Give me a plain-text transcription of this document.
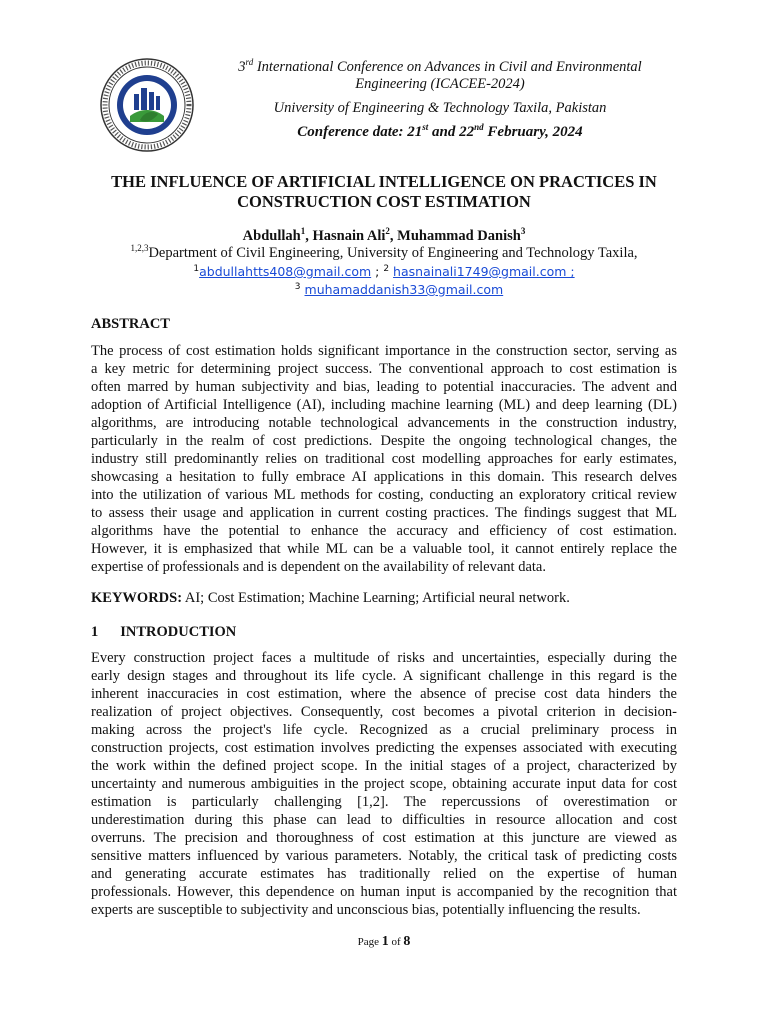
3rd International Conference on Advances in Civil and Environmental
Engineering (ICACEE-2024)
University of Engineering & Technology Taxila, Pakistan
Conference date: 21st and 22nd February, 2024
THE INFLUENCE OF ARTIFICIAL INTELLIGENCE ON PRACTICES IN
CONSTRUCTION COST ESTIMATION
Abdullah$^1$, Hasnain Ali$^2$, Muhammad Danish$^3$
$^{1,2,3}$Department of Civil Engineering, University of Engineering and Technology Taxila,
$^1$abdullahtts408@gmail.com ; $^2$ hasnainali1749@gmail.com ;
$^3$ muhamaddanish33@gmail.com
ABSTRACT
The process of cost estimation holds significant importance in the construction sector, serving as
a key metric for determining project success. The conventional approach to cost estimation is
often marred by human subjectivity and bias, leading to potential inaccuracies. The advent and
adoption of Artificial Intelligence (AI), including machine learning (ML) and deep learning (DL)
algorithms, are introducing notable technological advancements in the construction industry,
particularly in the realm of cost predictions. Despite the ongoing technological changes, the
industry still predominantly relies on traditional cost modelling approaches for early estimates,
showcasing a hesitation to fully embrace AI applications in this domain. This research delves
into the utilization of various ML methods for costing, conducting an exploratory critical review
to assess their usage and application in current costing practices. The findings suggest that ML
algorithms have the potential to enhance the accuracy and efficiency of cost estimation.
However, it is emphasized that while ML can be a valuable tool, it cannot entirely replace the
expertise of professionals and is dependent on the availability of relevant data.
KEYWORDS: AI; Cost Estimation; Machine Learning; Artificial neural network.
1 INTRODUCTION
Every construction project faces a multitude of risks and uncertainties, especially during the
early design stages and throughout its life cycle. A significant challenge in this regard is the
inherent inaccuracies in cost estimation, where the absence of precise cost data hinders the
realization of project objectives. Consequently, cost becomes a pivotal criterion in decision-
making across the project's life cycle. Recognized as a crucial preliminary process in
construction projects, cost estimation involves predicting the expenses associated with executing
the work within the defined project scope. In the initial stages of a project, characterized by
uncertainty and numerous ambiguities in the project scope, obtaining accurate input data for cost
estimation is particularly challenging [1,2]. The repercussions of overestimation or
underestimation during this phase can lead to difficulties in resource allocation and cost
overruns. The precision and thoroughness of cost estimation at this juncture are viewed as
sensitive matters influenced by various parameters. Notably, the critical task of predicting costs
and generating accurate estimates has traditionally relied on the expertise of human
professionals. However, this dependence on human input is accompanied by the recognition that
experts are susceptible to subjectivity and unconscious bias, potentially influencing the results.
Page 1 of 8
